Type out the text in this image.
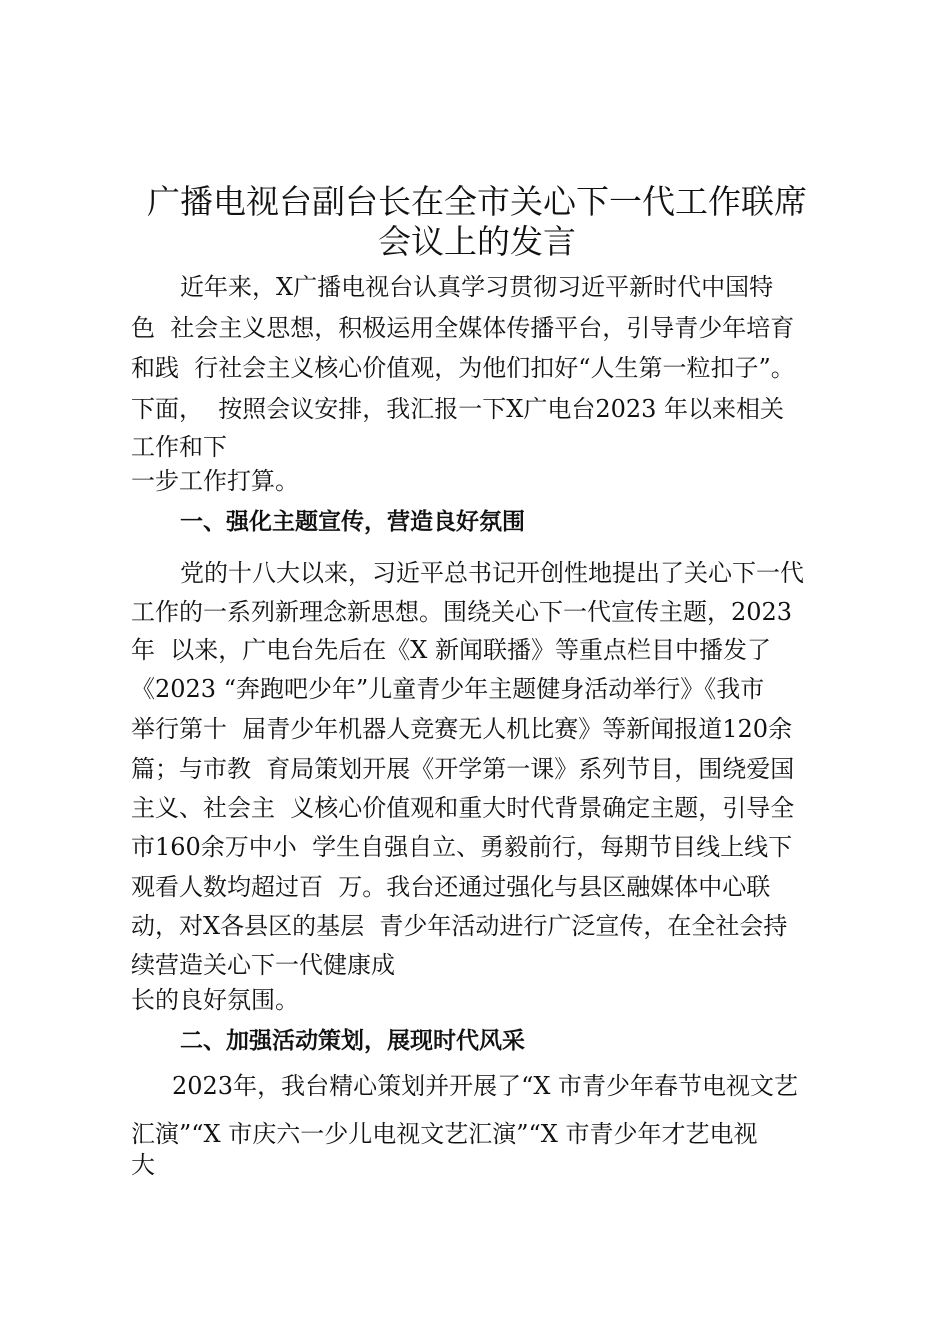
广播电视台副台长在全市关心下一代工作联席
会议上的发言
近年来，X广播电视台认真学习贯彻习近平新时代中国特
色  社会主义思想，积极运用全媒体传播平台，引导青少年培育
和践  行社会主义核心价值观，为他们扣好“人生第一粒扣子”。
下面，  按照会议安排，我汇报一下X广电台2023 年以来相关
工作和下
一步工作打算。
一、强化主题宣传，营造良好氛围
党的十八大以来，习近平总书记开创性地提出了关心下一代
工作的一系列新理念新思想。围绕关心下一代宣传主题，2023
年  以来，广电台先后在《X 新闻联播》等重点栏目中播发了
《2023 “奔跑吧少年”儿童青少年主题健身活动举行》《我市
举行第十  届青少年机器人竞赛无人机比赛》等新闻报道120余
篇；与市教  育局策划开展《开学第一课》系列节目，围绕爱国
主义、社会主  义核心价值观和重大时代背景确定主题，引导全
市160余万中小  学生自强自立、勇毅前行，每期节目线上线下
观看人数均超过百  万。我台还通过强化与县区融媒体中心联
动，对X各县区的基层  青少年活动进行广泛宣传，在全社会持
续营造关心下一代健康成
长的良好氛围。
二、加强活动策划，展现时代风采
2023年，我台精心策划并开展了“X 市青少年春节电视文艺
汇演”“X 市庆六一少儿电视文艺汇演”“X 市青少年才艺电视
大
